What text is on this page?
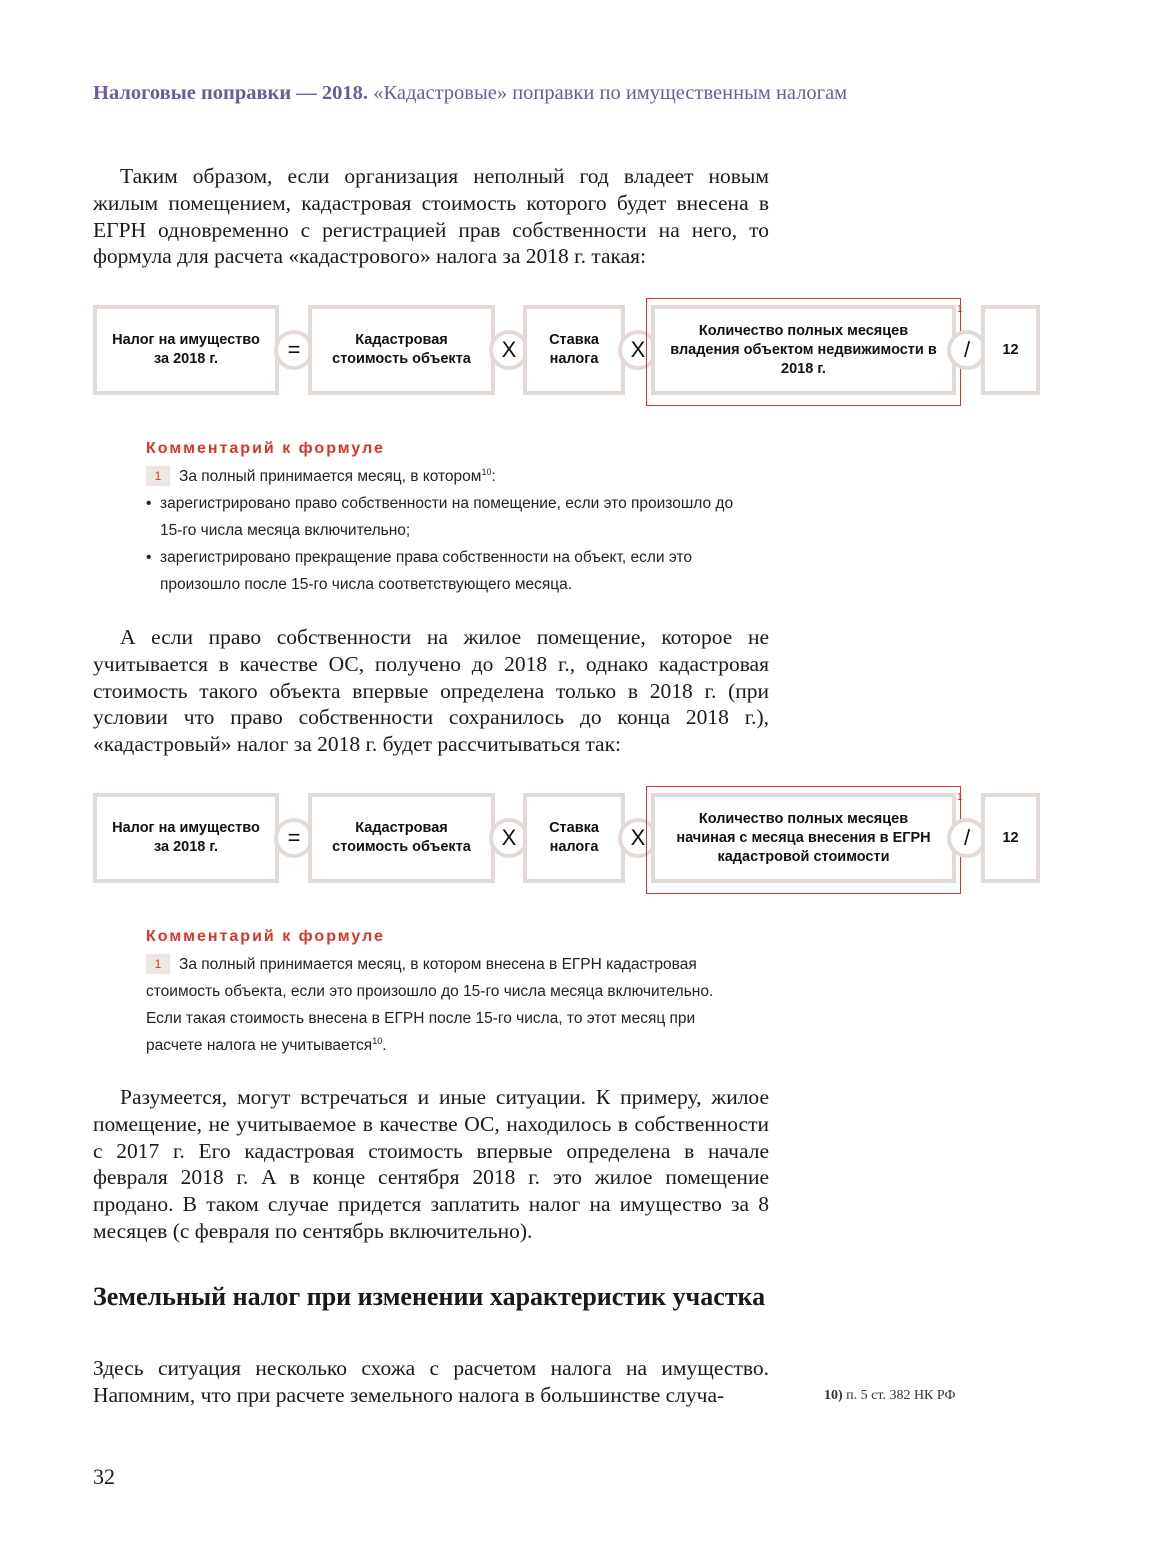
Налоговые поправки — 2018. «Кадастровые» поправки по имущественным налогам

Таким образом, если организация неполный год владеет новым жилым помещением, кадастровая стоимость которого будет внесена в ЕГРН одновременно с регистрацией прав собственности на него, то формула для расчета «кадастрового» налога за 2018 г. такая:

Налог на имущество за 2018 г.	=	Кадастровая стоимость объекта	X	Ставка налога	X
Количество полных месяцев владения объектом недвижимости в 2018 г.
1
/	12
Комментарий к формуле
1 За полный принимается месяц, в котором$^{10}$:
• зарегистрировано право собственности на помещение, если это произошло до 15-го числа месяца включительно;
• зарегистрировано прекращение права собственности на объект, если это произошло после 15-го числа соответствующего месяца.

А если право собственности на жилое помещение, которое не учитывается в качестве ОС, получено до 2018 г., однако кадастровая стоимость такого объекта впервые определена только в 2018 г. (при условии что право собственности сохранилось до конца 2018 г.), «кадастровый» налог за 2018 г. будет рассчитываться так:

Налог на имущество за 2018 г.	=	Кадастровая стоимость объекта	X	Ставка налога	X
Количество полных месяцев начиная с месяца внесения в ЕГРН кадастровой стоимости
1
/	12
Комментарий к формуле
1 За полный принимается месяц, в котором внесена в ЕГРН кадастровая стоимость объекта, если это произошло до 15-го числа месяца включительно. Если такая стоимость внесена в ЕГРН после 15-го числа, то этот месяц при расчете налога не учитывается$^{10}$.

Разумеется, могут встречаться и иные ситуации. К примеру, жилое помещение, не учитываемое в качестве ОС, находилось в собственности с 2017 г. Его кадастровая стоимость впервые определена в начале февраля 2018 г. А в конце сентября 2018 г. это жилое помещение продано. В таком случае придется заплатить налог на имущество за 8 месяцев (с февраля по сентябрь включительно).

Земельный налог при изменении характеристик участка

Здесь ситуация несколько схожа с расчетом налога на имущество. Напомним, что при расчете земельного налога в большинстве случа-	10) п. 5 ст. 382 НК РФ
32
